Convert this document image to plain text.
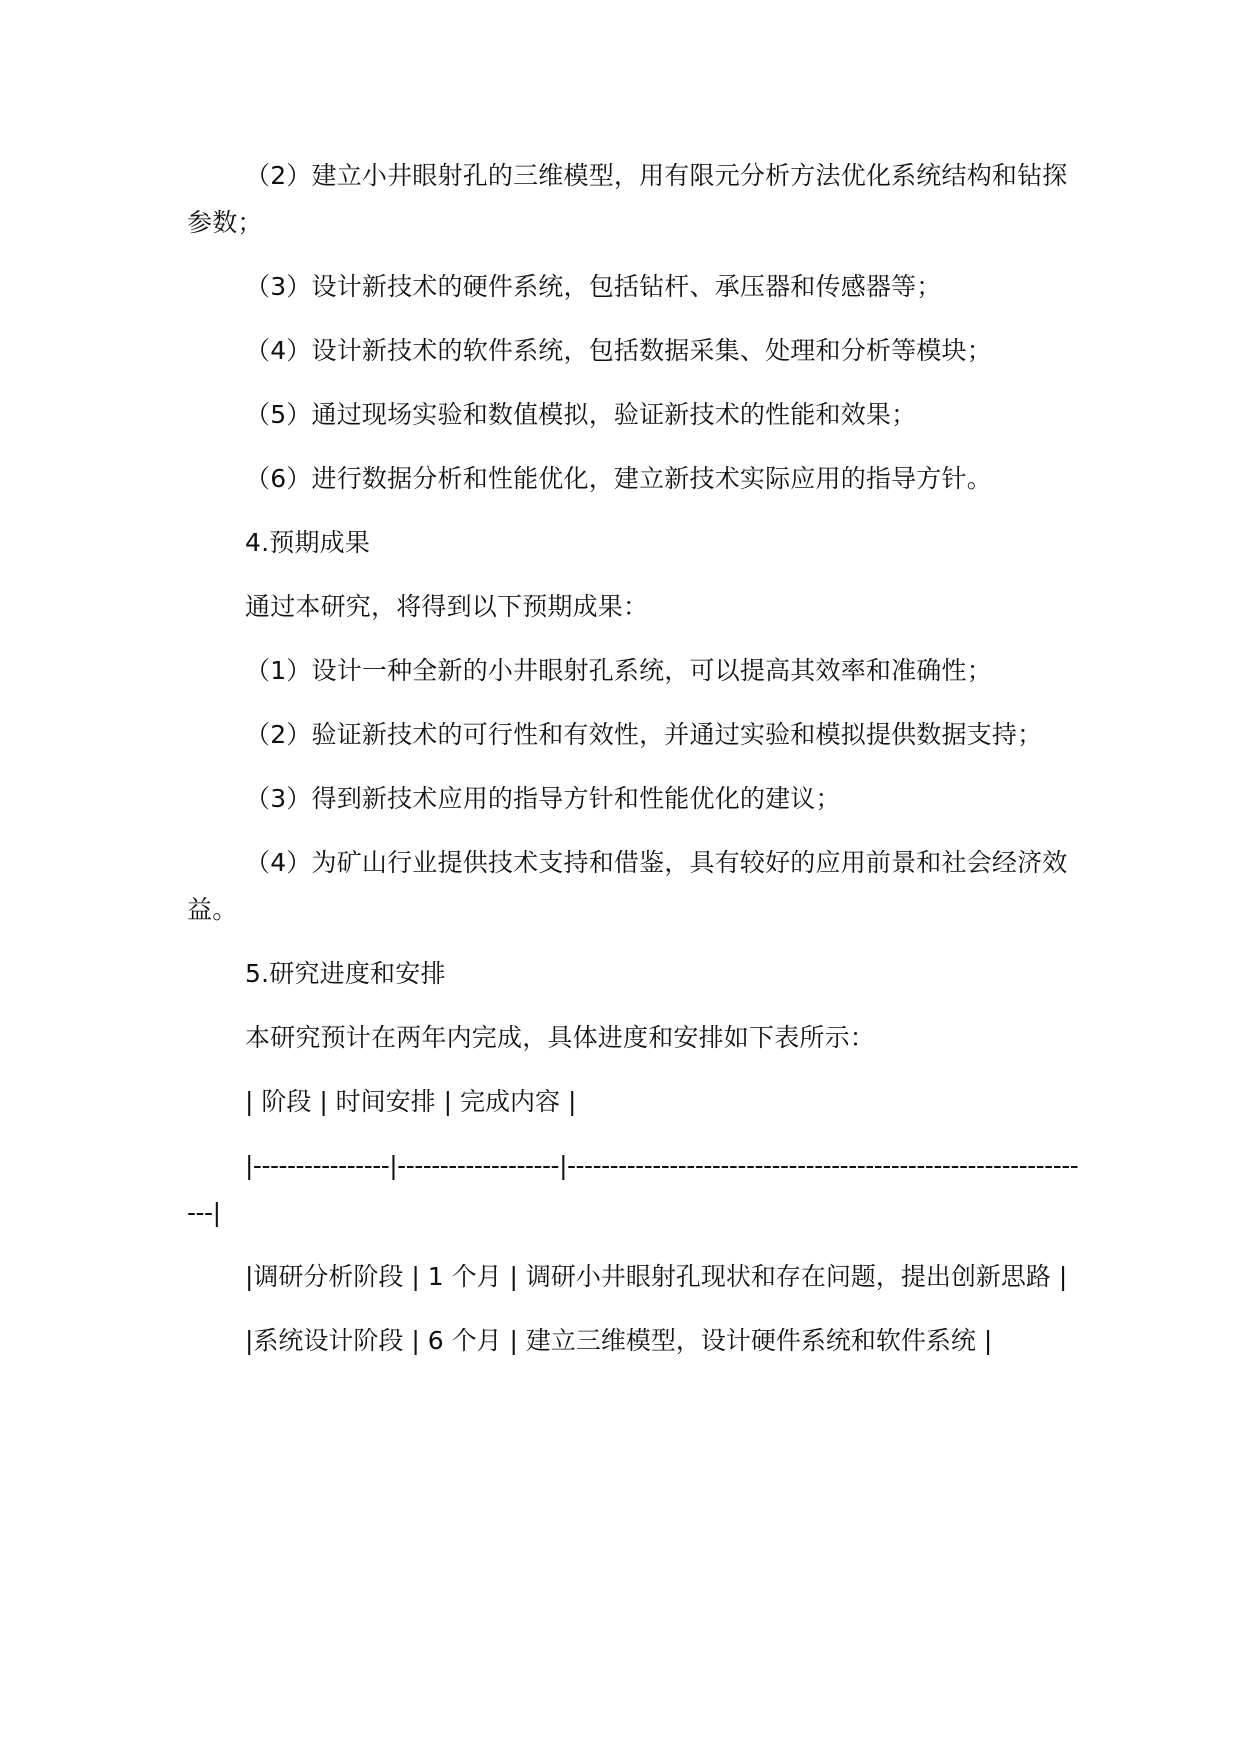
（2）建立小井眼射孔的三维模型，用有限元分析方法优化系统结构和钻探参数；

（3）设计新技术的硬件系统，包括钻杆、承压器和传感器等；

（4）设计新技术的软件系统，包括数据采集、处理和分析等模块；

（5）通过现场实验和数值模拟，验证新技术的性能和效果；

（6）进行数据分析和性能优化，建立新技术实际应用的指导方针。

4.预期成果

通过本研究，将得到以下预期成果：

（1）设计一种全新的小井眼射孔系统，可以提高其效率和准确性；

（2）验证新技术的可行性和有效性，并通过实验和模拟提供数据支持；

（3）得到新技术应用的指导方针和性能优化的建议；

（4）为矿山行业提供技术支持和借鉴，具有较好的应用前景和社会经济效益。

5.研究进度和安排

本研究预计在两年内完成，具体进度和安排如下表所示：

| 阶段 | 时间安排 | 完成内容 |

|----------------|-------------------|---------------------------------------------------------------|

|调研分析阶段 | 1 个月 | 调研小井眼射孔现状和存在问题，提出创新思路 |

|系统设计阶段 | 6 个月 | 建立三维模型，设计硬件系统和软件系统 |
